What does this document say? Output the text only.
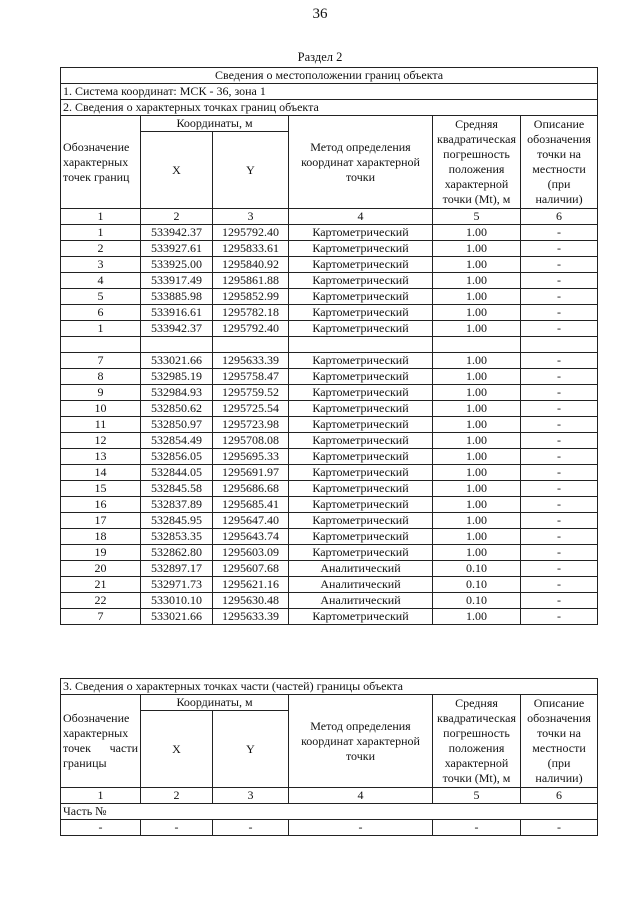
36
Раздел 2
Сведения о местоположении границ объекта					
1. Система координат: МСК - 36, зона 1					
2. Сведения о характерных точках границ объекта					
Обозначение характерных точек границ	Координаты, м		Метод определения координат характерной точки	Средняя квадратическая погрешность положения характерной точки (Mt), м	Описание обозначения точки на местности (при наличии)
	X	Y			
1	2	3	4	5	6
1	533942.37	1295792.40	Картометрический	1.00	-
2	533927.61	1295833.61	Картометрический	1.00	-
3	533925.00	1295840.92	Картометрический	1.00	-
4	533917.49	1295861.88	Картометрический	1.00	-
5	533885.98	1295852.99	Картометрический	1.00	-
6	533916.61	1295782.18	Картометрический	1.00	-
1	533942.37	1295792.40	Картометрический	1.00	-

7	533021.66	1295633.39	Картометрический	1.00	-
8	532985.19	1295758.47	Картометрический	1.00	-
9	532984.93	1295759.52	Картометрический	1.00	-
10	532850.62	1295725.54	Картометрический	1.00	-
11	532850.97	1295723.98	Картометрический	1.00	-
12	532854.49	1295708.08	Картометрический	1.00	-
13	532856.05	1295695.33	Картометрический	1.00	-
14	532844.05	1295691.97	Картометрический	1.00	-
15	532845.58	1295686.68	Картометрический	1.00	-
16	532837.89	1295685.41	Картометрический	1.00	-
17	532845.95	1295647.40	Картометрический	1.00	-
18	532853.35	1295643.74	Картометрический	1.00	-
19	532862.80	1295603.09	Картометрический	1.00	-
20	532897.17	1295607.68	Аналитический	0.10	-
21	532971.73	1295621.16	Аналитический	0.10	-
22	533010.10	1295630.48	Аналитический	0.10	-
7	533021.66	1295633.39	Картометрический	1.00	-
3. Сведения о характерных точках части (частей) границы объекта					
Обозначение характерных точек части границы	Координаты, м		Метод определения координат характерной точки	Средняя квадратическая погрешность положения характерной точки (Mt), м	Описание обозначения точки на местности (при наличии)
	X	Y			
1	2	3	4	5	6
Часть №					
-	-	-	-	-	-
